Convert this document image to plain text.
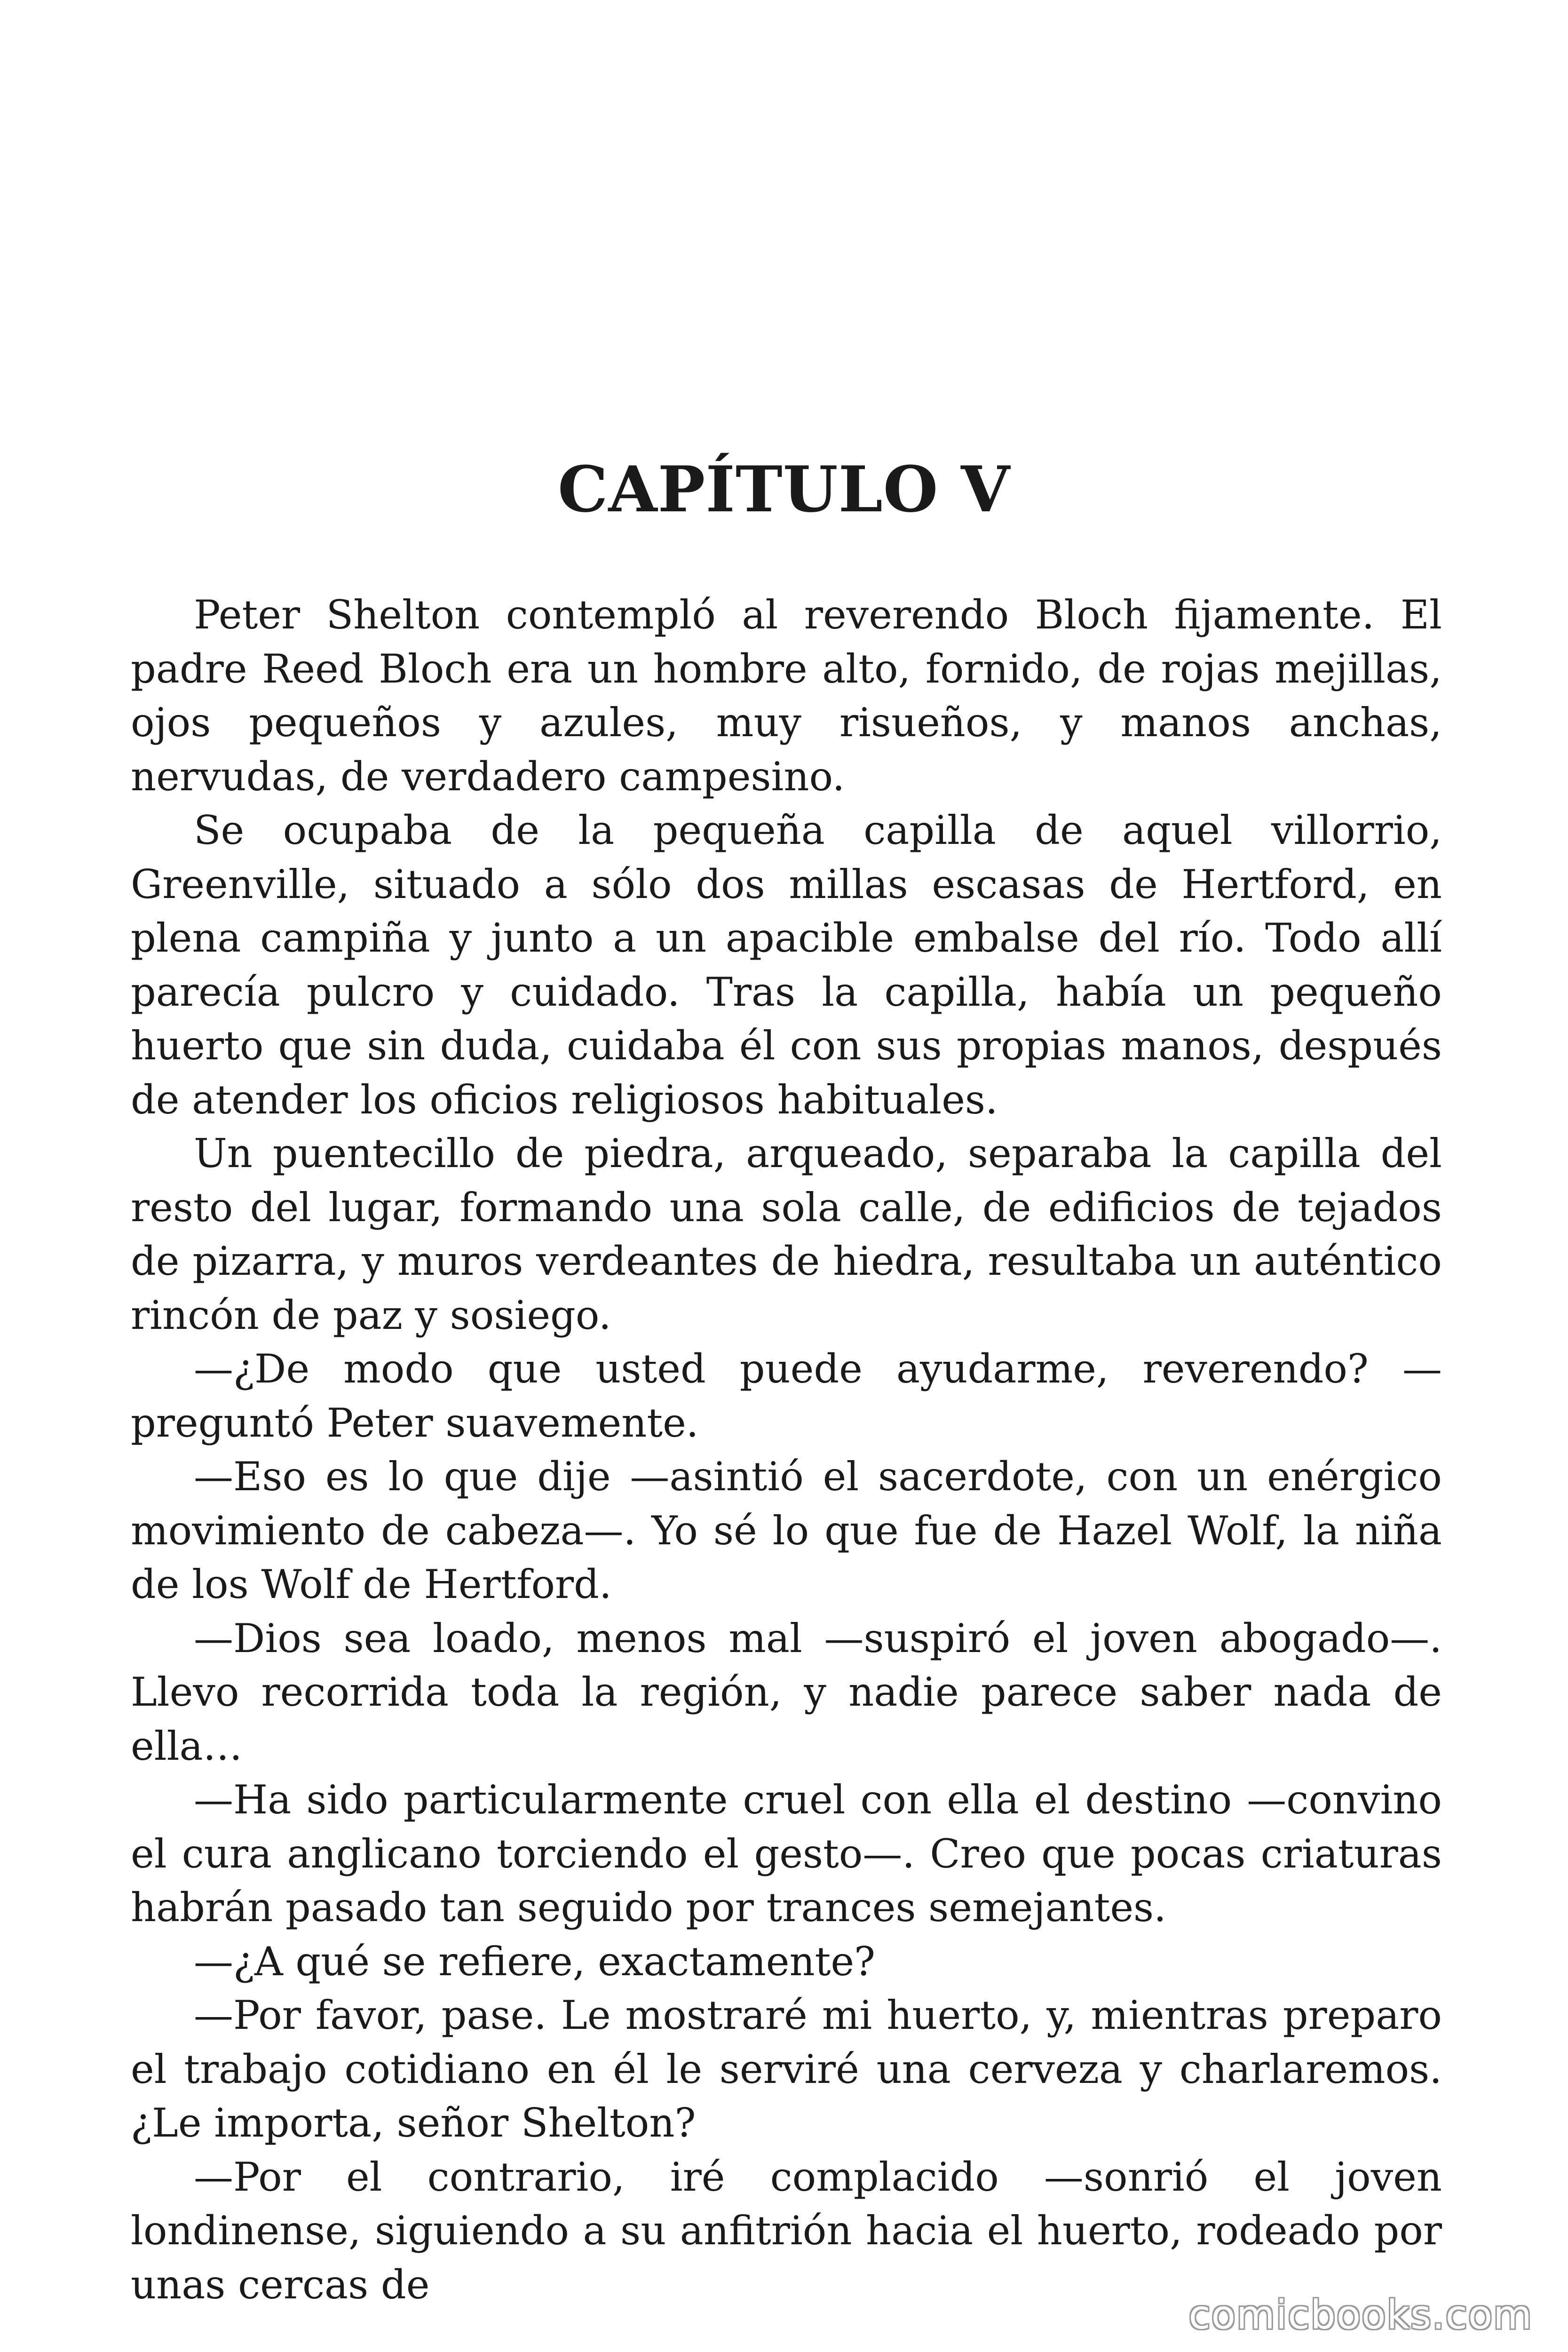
CAPÍTULO V

Peter Shelton contempló al reverendo Bloch fijamente. El padre Reed Bloch era un hombre alto, fornido, de rojas mejillas, ojos pequeños y azules, muy risueños, y manos anchas, nervudas, de verdadero campesino.

Se ocupaba de la pequeña capilla de aquel villorrio, Greenville, situado a sólo dos millas escasas de Hertford, en plena campiña y junto a un apacible embalse del río. Todo allí parecía pulcro y cuidado. Tras la capilla, había un pequeño huerto que sin duda, cuidaba él con sus propias manos, después de atender los oficios religiosos habituales.

Un puentecillo de piedra, arqueado, separaba la capilla del resto del lugar, formando una sola calle, de edificios de tejados de pizarra, y muros verdeantes de hiedra, resultaba un auténtico rincón de paz y sosiego.

—¿De modo que usted puede ayudarme, reverendo? —preguntó Peter suavemente.

—Eso es lo que dije —asintió el sacerdote, con un enérgico movimiento de cabeza—. Yo sé lo que fue de Hazel Wolf, la niña de los Wolf de Hertford.

—Dios sea loado, menos mal —suspiró el joven abogado—. Llevo recorrida toda la región, y nadie parece saber nada de ella…

—Ha sido particularmente cruel con ella el destino —convino el cura anglicano torciendo el gesto—. Creo que pocas criaturas habrán pasado tan seguido por trances semejantes.

—¿A qué se refiere, exactamente?

—Por favor, pase. Le mostraré mi huerto, y, mientras preparo el trabajo cotidiano en él le serviré una cerveza y charlaremos. ¿Le importa, señor Shelton?

—Por el contrario, iré complacido —sonrió el joven londinense, siguiendo a su anfitrión hacia el huerto, rodeado por unas cercas de

comicbooks.com
